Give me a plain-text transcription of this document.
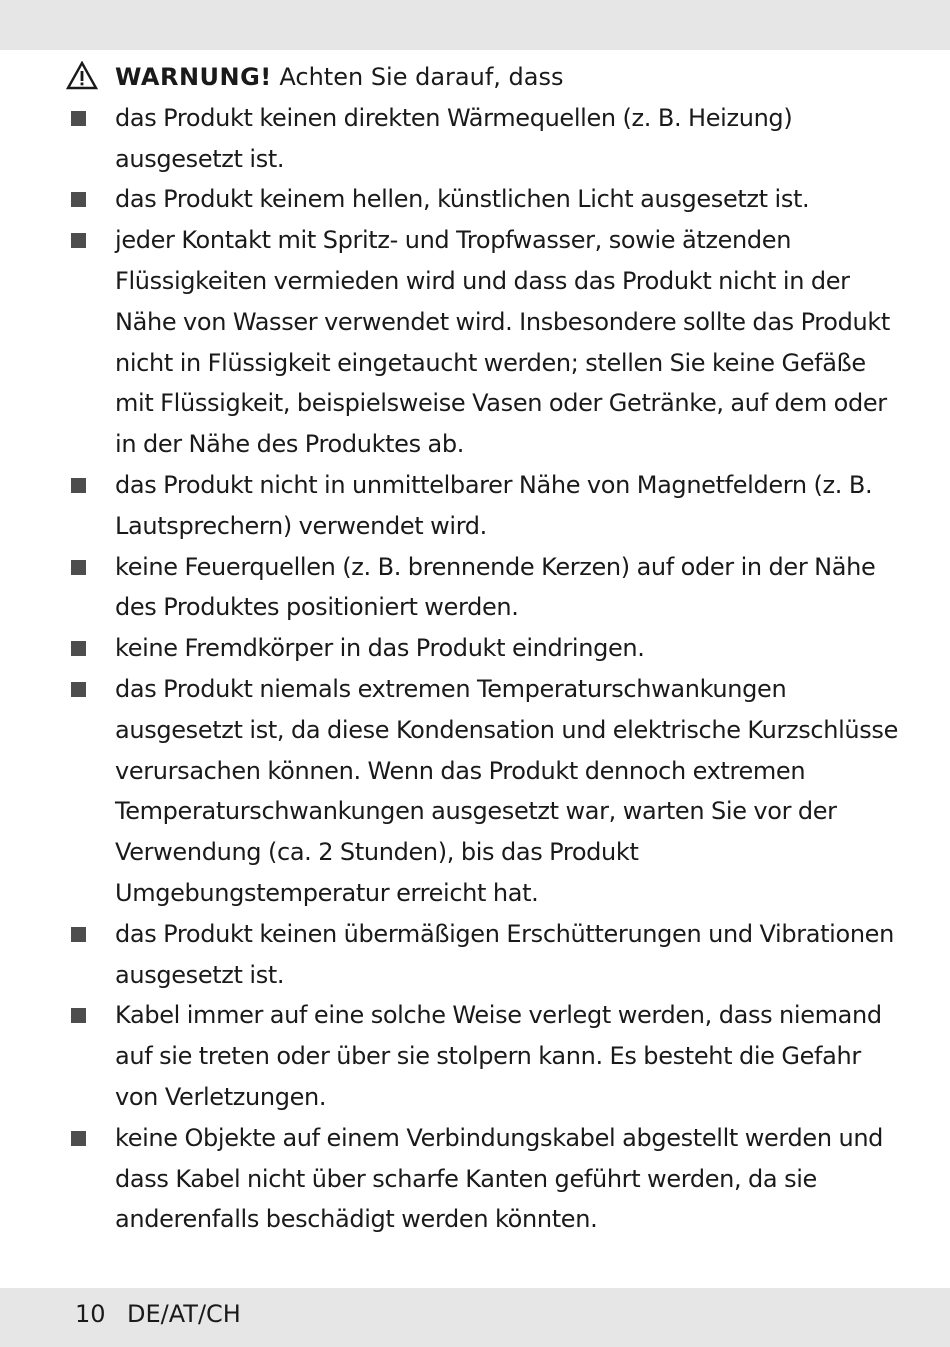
WARNUNG! Achten Sie darauf, dass
das Produkt keinen direkten Wärmequellen (z. B. Heizung) ausgesetzt ist.
das Produkt keinem hellen, künstlichen Licht ausgesetzt ist.
jeder Kontakt mit Spritz- und Tropfwasser, sowie ätzenden Flüssigkeiten vermieden wird und dass das Produkt nicht in der Nähe von Wasser verwendet wird. Insbesondere sollte das Produkt nicht in Flüssigkeit eingetaucht werden; stellen Sie keine Gefäße mit Flüssigkeit, beispielsweise Vasen oder Getränke, auf dem oder in der Nähe des Produktes ab.
das Produkt nicht in unmittelbarer Nähe von Magnetfeldern (z. B. Lautsprechern) verwendet wird.
keine Feuerquellen (z. B. brennende Kerzen) auf oder in der Nähe des Produktes positioniert werden.
keine Fremdkörper in das Produkt eindringen.
das Produkt niemals extremen Temperaturschwankungen ausgesetzt ist, da diese Kondensation und elektrische Kurzschlüsse verursachen können. Wenn das Produkt dennoch extremen Temperaturschwankungen ausgesetzt war, warten Sie vor der Verwendung (ca. 2 Stunden), bis das Produkt Umgebungstemperatur erreicht hat.
das Produkt keinen übermäßigen Erschütterungen und Vibrationen ausgesetzt ist.
Kabel immer auf eine solche Weise verlegt werden, dass niemand auf sie treten oder über sie stolpern kann. Es besteht die Gefahr von Verletzungen.
keine Objekte auf einem Verbindungskabel abgestellt werden und dass Kabel nicht über scharfe Kanten geführt werden, da sie anderenfalls beschädigt werden könnten.
10 DE/AT/CH
